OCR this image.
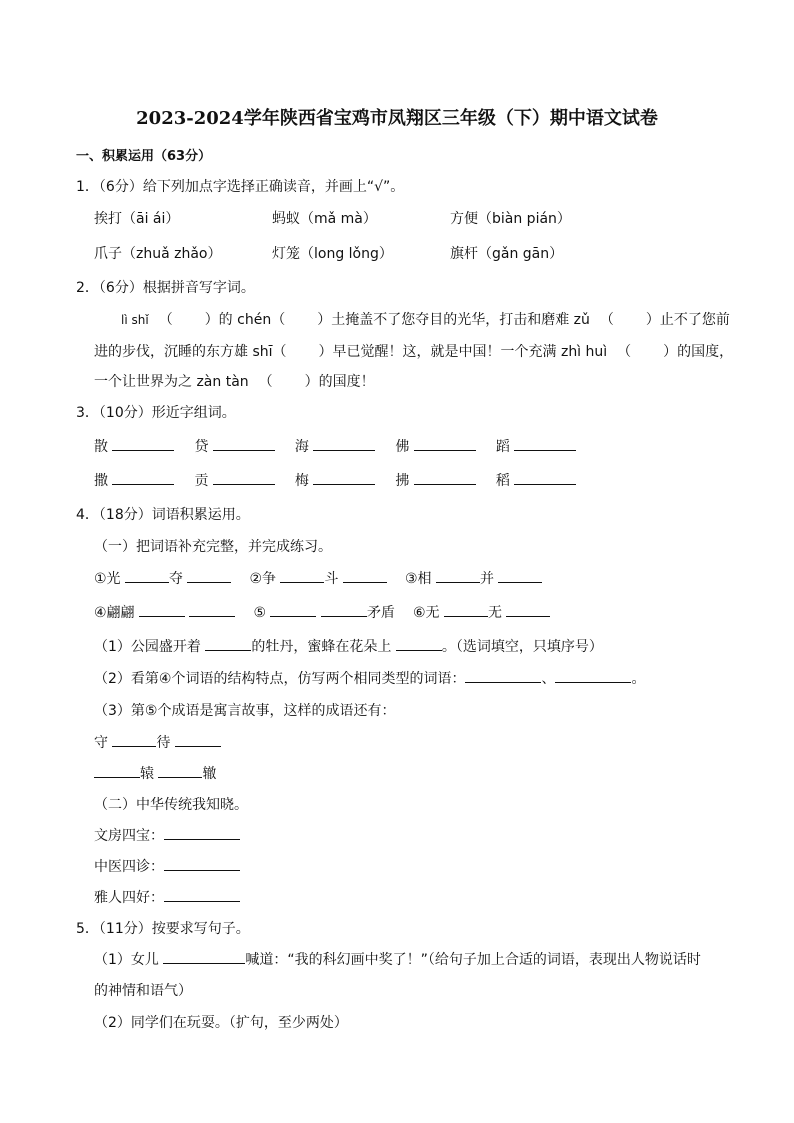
2023-2024学年陕西省宝鸡市凤翔区三年级（下）期中语文试卷
一、积累运用（63分）
1．（6分）给下列加点字选择正确读音，并画上“√”。
挨打（āi ái）	蚂蚁（mǎ mà）	方便（biàn pián）
爪子（zhuǎ zhǎo）	灯笼（long lǒng）	旗杆（gǎn gān）
2．（6分）根据拼音写字词。
lì shǐ （ ）的 chén（ ）土掩盖不了您夺目的光华，打击和磨难 zǔ （ ）止不了您前
进的步伐，沉睡的东方雄 shī（ ）早已觉醒！这，就是中国！一个充满 zhì huì （ ）的国度，
一个让世界为之 zàn tàn （ ）的国度！
3．（10分）形近字组词。
散	贷	海	佛	蹈
撒	贡	梅	拂	稻
4．（18分）词语积累运用。
（一）把词语补充完整，并完成练习。
①光	夺	②争	斗	③相	并
④翩翩	⑤	矛盾 ⑥无	无
（1）公园盛开着	的牡丹，蜜蜂在花朵上	。（选词填空，只填序号）
（2）看第④个词语的结构特点，仿写两个相同类型的词语：	、	。
（3）第⑤个成语是寓言故事，这样的成语还有：
守	待
辕	辙
（二）中华传统我知晓。
文房四宝：
中医四诊：
雅人四好：
5．（11分）按要求写句子。
（1）女儿	喊道：“我的科幻画中奖了！”（给句子加上合适的词语，表现出人物说话时
的神情和语气）
（2）同学们在玩耍。（扩句，至少两处）
